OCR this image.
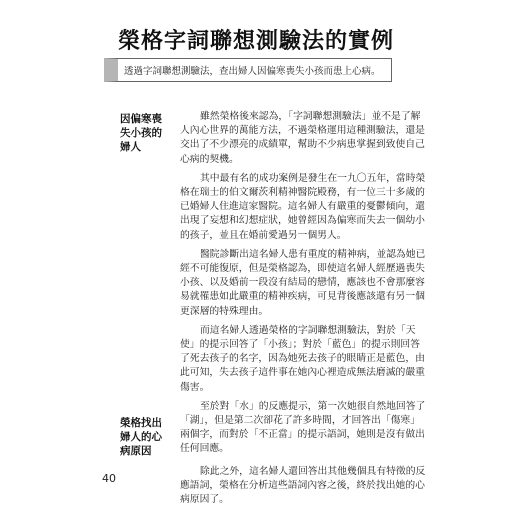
榮格字詞聯想測驗法的實例
透過字詞聯想測驗法，查出婦人因偏寒喪失小孩而患上心病。
因偏寒喪
失小孩的
婦人
榮格找出
婦人的心
病原因

雖然榮格後來認為，「字詞聯想測驗法」並不是了解
人內心世界的萬能方法，不過榮格運用這種測驗法，還是
交出了不少漂亮的成績單，幫助不少病患掌握到致使自己
心病的契機。

其中最有名的成功案例是發生在一九〇五年，當時榮
格在瑞士的伯文爾茨利精神醫院殿務，有一位三十多歲的
已婚婦人住進這家醫院。這名婦人有嚴重的憂鬱傾向，還
出現了妄想和幻想症狀，她曾經因為偏寒而失去一個幼小
的孩子，並且在婚前愛過另一個男人。

醫院診斷出這名婦人患有重度的精神病，並認為她已
經不可能復原，但是榮格認為，即使這名婦人經歷過喪失
小孩、以及婚前一段沒有結局的戀情，應該也不會那麼容
易就罹患如此嚴重的精神疾病，可見背後應該還有另一個
更深層的特殊理由。

而這名婦人透過榮格的字詞聯想測驗法，對於「天
使」的提示回答了「小孩」；對於「藍色」的提示則回答
了死去孩子的名字，因為她死去孩子的眼睛正是藍色，由
此可知，失去孩子這件事在她內心裡造成無法磨滅的嚴重
傷害。

至於對「水」的反應提示，第一次她很自然地回答了
「湖」，但是第二次卻花了許多時間，才回答出「傷寒」
兩個字，而對於「不正當」的提示語詞，她則是沒有做出
任何回應。

除此之外，這名婦人還回答出其他幾個具有特徵的反
應語詞，榮格在分析這些語詞內容之後，終於找出她的心
病原因了。

40
